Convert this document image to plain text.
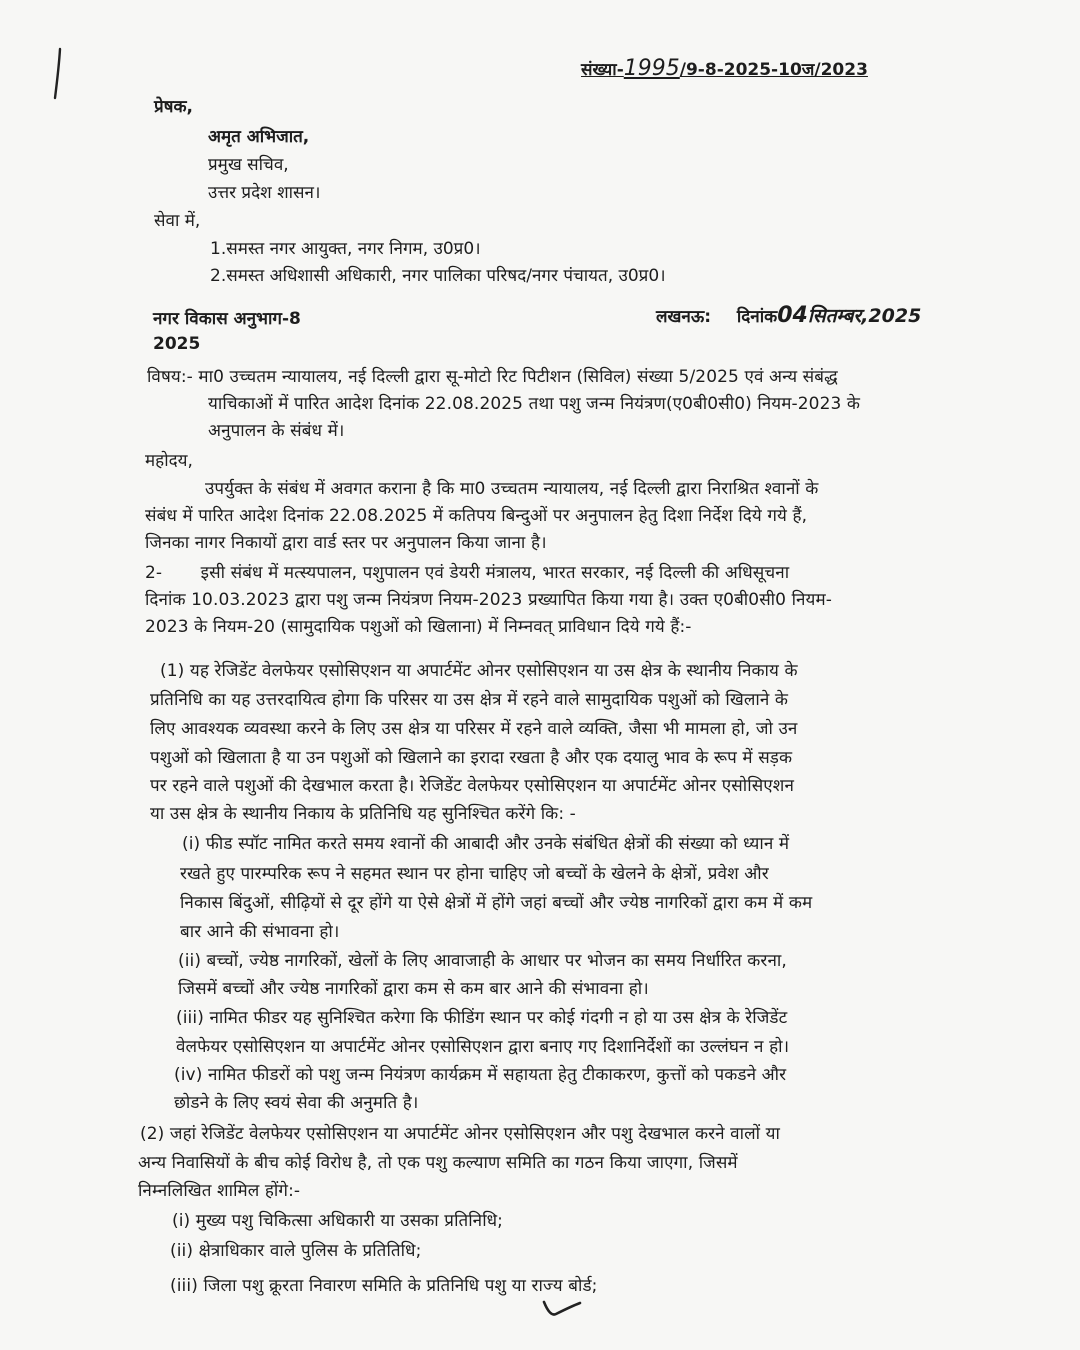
संख्या-1995/9-8-2025-10ज/2023
प्रेषक,
अमृत अभिजात,
प्रमुख सचिव,
उत्तर प्रदेश शासन।
सेवा में,
1.समस्त नगर आयुक्त, नगर निगम, उ0प्र0।
2.समस्त अधिशासी अधिकारी, नगर पालिका परिषद/नगर पंचायत, उ0प्र0।
नगर विकास अनुभाग-8
2025
लखनऊ: दिनांक04सितम्बर,2025
विषय:- मा0 उच्चतम न्यायालय, नई दिल्ली द्वारा सू-मोटो रिट पिटीशन (सिविल) संख्या 5/2025 एवं अन्य संबंद्ध
याचिकाओं में पारित आदेश दिनांक 22.08.2025 तथा पशु जन्म नियंत्रण(ए0बी0सी0) नियम-2023 के
अनुपालन के संबंध में।
महोदय,
उपर्युक्त के संबंध में अवगत कराना है कि मा0 उच्चतम न्यायालय, नई दिल्ली द्वारा निराश्रित श्वानों के
संबंध में पारित आदेश दिनांक 22.08.2025 में कतिपय बिन्दुओं पर अनुपालन हेतु दिशा निर्देश दिये गये हैं,
जिनका नागर निकायों द्वारा वार्ड स्तर पर अनुपालन किया जाना है।
2-       इसी संबंध में मत्स्यपालन, पशुपालन एवं डेयरी मंत्रालय, भारत सरकार, नई दिल्ली की अधिसूचना
दिनांक 10.03.2023 द्वारा पशु जन्म नियंत्रण नियम-2023 प्रख्यापित किया गया है। उक्त ए0बी0सी0 नियम-
2023 के नियम-20 (सामुदायिक पशुओं को खिलाना) में निम्नवत् प्राविधान दिये गये हैं:-
(1) यह रेजिडेंट वेलफेयर एसोसिएशन या अपार्टमेंट ओनर एसोसिएशन या उस क्षेत्र के स्थानीय निकाय के
प्रतिनिधि का यह उत्तरदायित्व होगा कि परिसर या उस क्षेत्र में रहने वाले सामुदायिक पशुओं को खिलाने के
लिए आवश्यक व्यवस्था करने के लिए उस क्षेत्र या परिसर में रहने वाले व्यक्ति, जैसा भी मामला हो, जो उन
पशुओं को खिलाता है या उन पशुओं को खिलाने का इरादा रखता है और एक दयालु भाव के रूप में सड़क
पर रहने वाले पशुओं की देखभाल करता है। रेजिडेंट वेलफेयर एसोसिएशन या अपार्टमेंट ओनर एसोसिएशन
या उस क्षेत्र के स्थानीय निकाय के प्रतिनिधि यह सुनिश्चित करेंगे कि: -
(i) फीड स्पॉट नामित करते समय श्वानों की आबादी और उनके संबंधित क्षेत्रों की संख्या को ध्यान में
रखते हुए पारम्परिक रूप ने सहमत स्थान पर होना चाहिए जो बच्चों के खेलने के क्षेत्रों, प्रवेश और
निकास बिंदुओं, सीढ़ियों से दूर होंगे या ऐसे क्षेत्रों में होंगे जहां बच्चों और ज्येष्ठ नागरिकों द्वारा कम में कम
बार आने की संभावना हो।
(ii) बच्चों, ज्येष्ठ नागरिकों, खेलों के लिए आवाजाही के आधार पर भोजन का समय निर्धारित करना,
जिसमें बच्चों और ज्येष्ठ नागरिकों द्वारा कम से कम बार आने की संभावना हो।
(iii) नामित फीडर यह सुनिश्चित करेगा कि फीडिंग स्थान पर कोई गंदगी न हो या उस क्षेत्र के रेजिडेंट
वेलफेयर एसोसिएशन या अपार्टमेंट ओनर एसोसिएशन द्वारा बनाए गए दिशानिर्देशों का उल्लंघन न हो।
(iv) नामित फीडरों को पशु जन्म नियंत्रण कार्यक्रम में सहायता हेतु टीकाकरण, कुत्तों को पकडने और
छोडने के लिए स्वयं सेवा की अनुमति है।
(2) जहां रेजिडेंट वेलफेयर एसोसिएशन या अपार्टमेंट ओनर एसोसिएशन और पशु देखभाल करने वालों या
अन्य निवासियों के बीच कोई विरोध है, तो एक पशु कल्याण समिति का गठन किया जाएगा, जिसमें
निम्नलिखित शामिल होंगे:-
(i) मुख्य पशु चिकित्सा अधिकारी या उसका प्रतिनिधि;
(ii) क्षेत्राधिकार वाले पुलिस के प्रतितिधि;
(iii) जिला पशु क्रूरता निवारण समिति के प्रतिनिधि पशु या राज्य बोर्ड;
